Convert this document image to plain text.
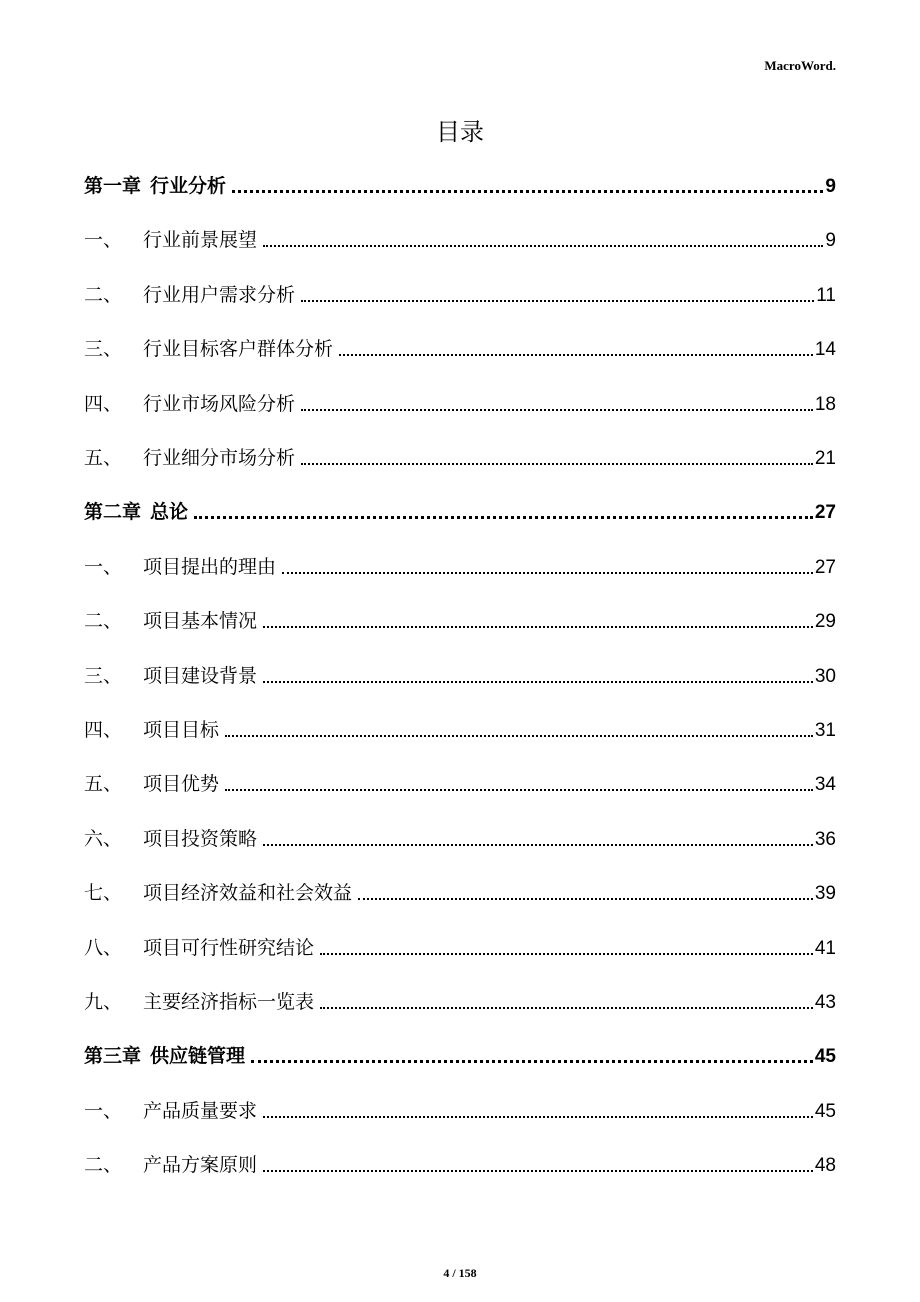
MacroWord.
目录
第一章 行业分析	9
一、	行业前景展望	9
二、	行业用户需求分析	11
三、	行业目标客户群体分析	14
四、	行业市场风险分析	18
五、	行业细分市场分析	21
第二章 总论	27
一、	项目提出的理由	27
二、	项目基本情况	29
三、	项目建设背景	30
四、	项目目标	31
五、	项目优势	34
六、	项目投资策略	36
七、	项目经济效益和社会效益	39
八、	项目可行性研究结论	41
九、	主要经济指标一览表	43
第三章 供应链管理	45
一、	产品质量要求	45
二、	产品方案原则	48
4 / 158
